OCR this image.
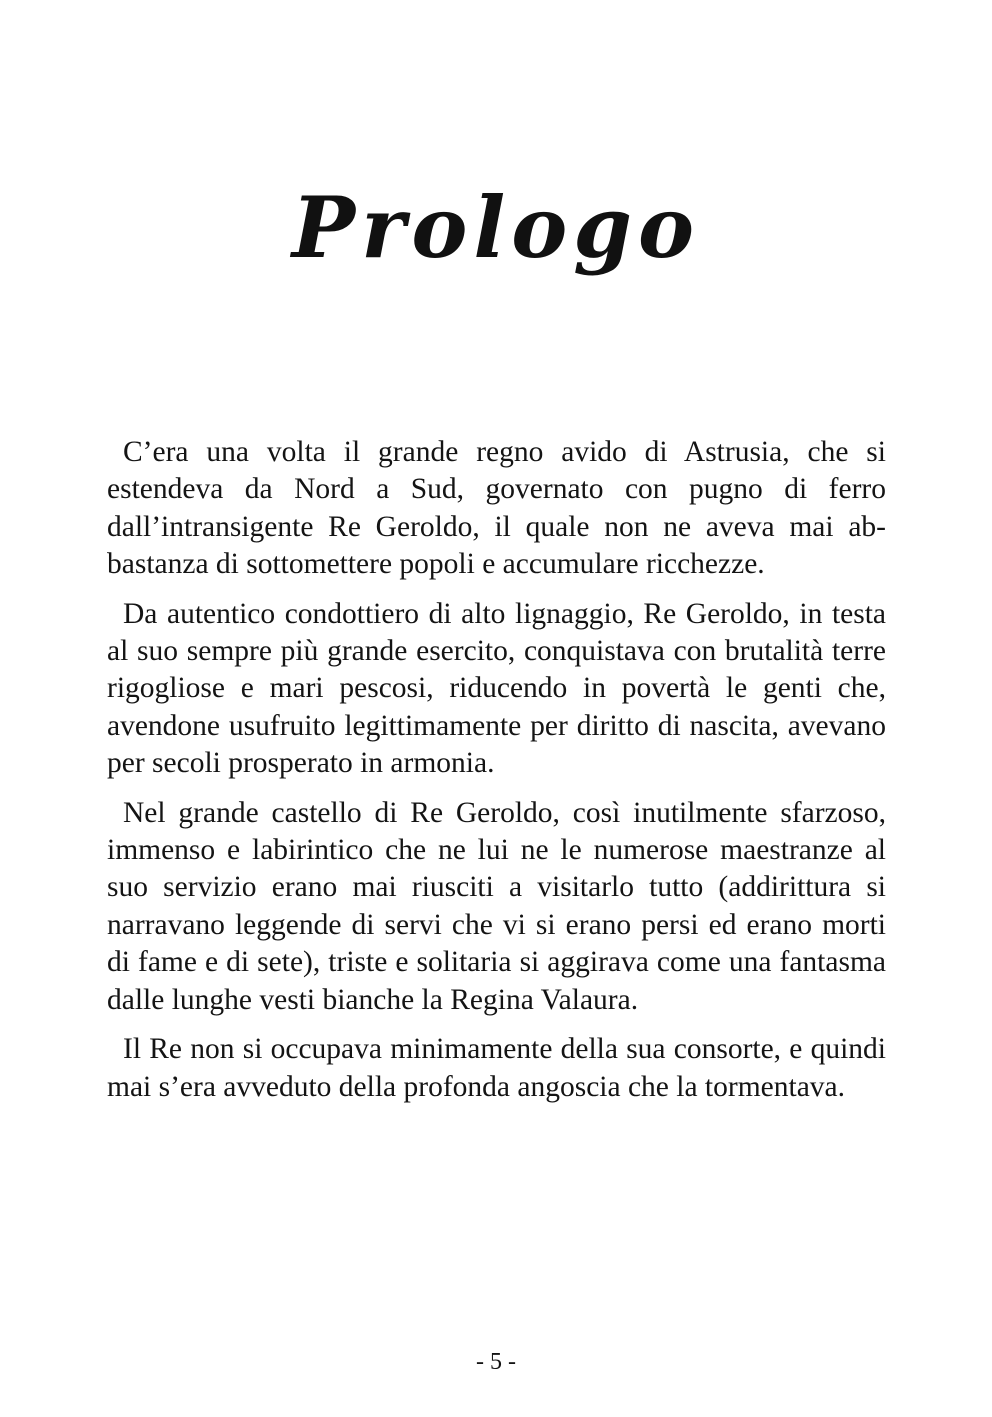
Prologo

C’era una volta il grande regno avido di Astrusia, che si estendeva da Nord a Sud, governato con pugno di ferro dall’intransigente Re Geroldo, il quale non ne aveva mai abbastanza di sottomettere popoli e accumulare ricchezze.

Da autentico condottiero di alto lignaggio, Re Geroldo, in testa al suo sempre più grande esercito, conquistava con brutalità terre rigogliose e mari pescosi, riducendo in povertà le genti che, avendone usufruito legittimamente per diritto di nascita, avevano per secoli prosperato in armonia.

Nel grande castello di Re Geroldo, così inutilmente sfarzoso, immenso e labirintico che ne lui ne le numerose maestranze al suo servizio erano mai riusciti a visitarlo tutto (addirittura si narravano leggende di servi che vi si erano persi ed erano morti di fame e di sete), triste e solitaria si aggirava come una fantasma dalle lunghe vesti bianche la Regina Valaura.

Il Re non si occupava minimamente della sua consorte, e quindi mai s’era avveduto della profonda angoscia che la tormentava.

- 5 -
